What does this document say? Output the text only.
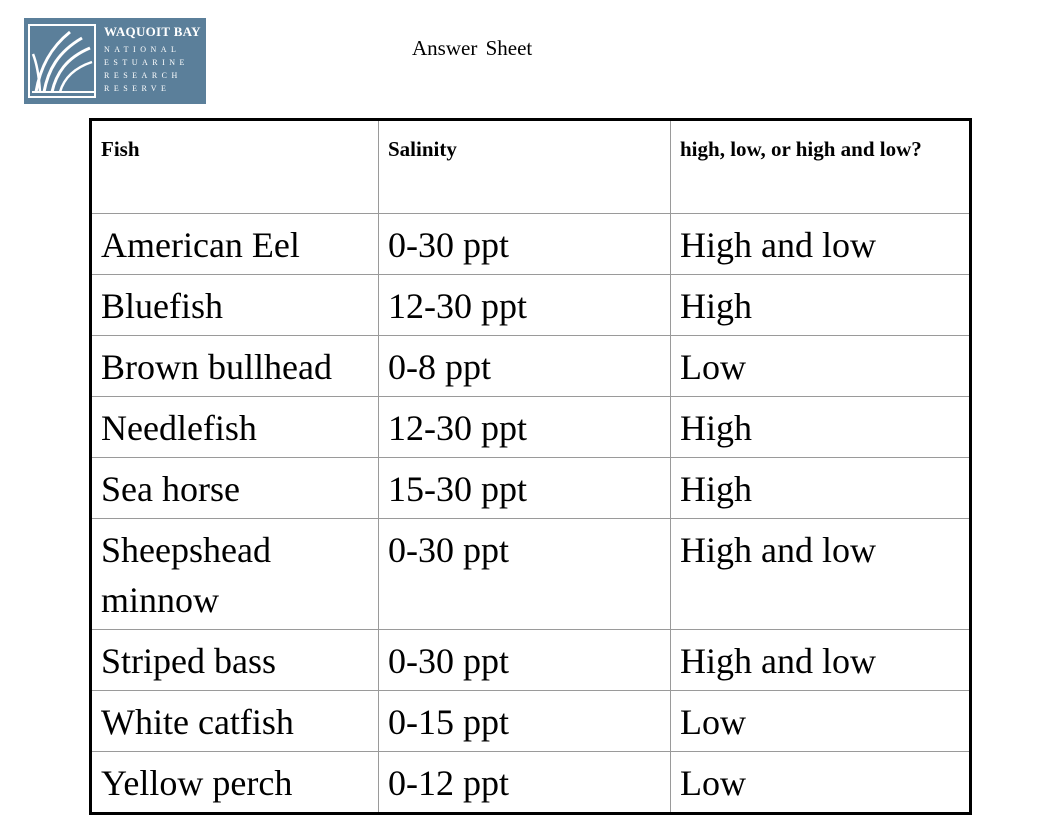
WAQUOIT BAY
NATIONAL
ESTUARINE
RESEARCH
RESERVE
Answer Sheet
Fish	Salinity	high, low, or high and low?
American Eel	0-30 ppt	High and low
Bluefish	12-30 ppt	High
Brown bullhead	0-8 ppt	Low
Needlefish	12-30 ppt	High
Sea horse	15-30 ppt	High
Sheepshead minnow	0-30 ppt	High and low
Striped bass	0-30 ppt	High and low
White catfish	0-15 ppt	Low
Yellow perch	0-12 ppt	Low
